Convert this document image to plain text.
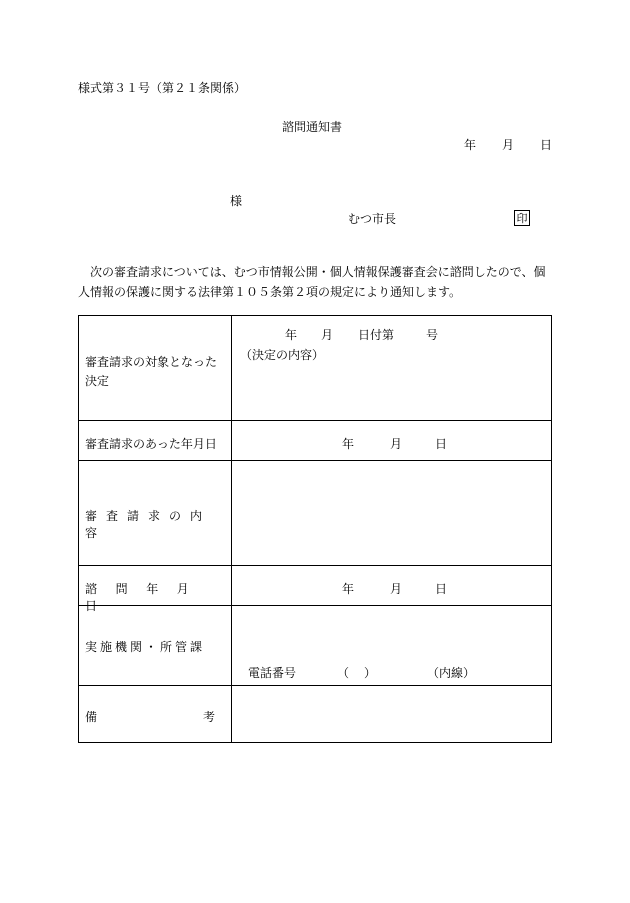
様式第３１号（第２１条関係）
諮問通知書
年 月 日
様
むつ市長	印
次の審査請求については、むつ市情報公開・個人情報保護審査会に諮問したので、個人情報の保護に関する法律第１０５条第２項の規定により通知します。
審査請求の対象となった決定	年 月 日付第 号
（決定の内容）

審査請求のあった年月日	年 月 日

審査請求の内容	

諮問年月日	年 月 日

実施機関・所管課	電話番号 （ ） （内線）

備 考	
